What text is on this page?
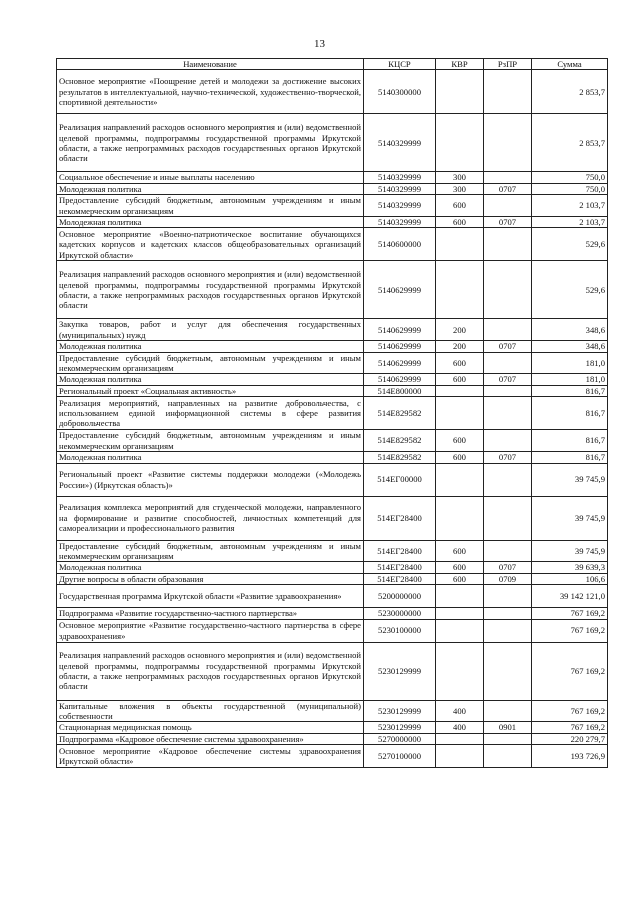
13
Наименование	КЦСР	КВР	РзПР	Сумма
Основное мероприятие «Поощрение детей и молодежи за достижение высоких результатов в интеллектуальной, научно-технической, художественно-творческой, спортивной деятельности»	5140300000			2 853,7
Реализация направлений расходов основного мероприятия и (или) ведомственной целевой программы, подпрограммы государственной программы Иркутской области, а также непрограммных расходов государственных органов Иркутской области	5140329999			2 853,7
Социальное обеспечение и иные выплаты населению	5140329999	300		750,0
Молодежная политика	5140329999	300	0707	750,0
Предоставление субсидий бюджетным, автономным учреждениям и иным некоммерческим организациям	5140329999	600		2 103,7
Молодежная политика	5140329999	600	0707	2 103,7
Основное мероприятие «Военно-патриотическое воспитание обучающихся кадетских корпусов и кадетских классов общеобразовательных организаций Иркутской области»	5140600000			529,6
Реализация направлений расходов основного мероприятия и (или) ведомственной целевой программы, подпрограммы государственной программы Иркутской области, а также непрограммных расходов государственных органов Иркутской области	5140629999			529,6
Закупка товаров, работ и услуг для обеспечения государственных (муниципальных) нужд	5140629999	200		348,6
Молодежная политика	5140629999	200	0707	348,6
Предоставление субсидий бюджетным, автономным учреждениям и иным некоммерческим организациям	5140629999	600		181,0
Молодежная политика	5140629999	600	0707	181,0
Региональный проект «Социальная активность»	514E800000			816,7
Реализация мероприятий, направленных на развитие добровольчества, с использованием единой информационной системы в сфере развития добровольчества	514E829582			816,7
Предоставление субсидий бюджетным, автономным учреждениям и иным некоммерческим организациям	514E829582	600		816,7
Молодежная политика	514E829582	600	0707	816,7
Региональный проект «Развитие системы поддержки молодежи («Молодежь России») (Иркутская область)»	514EГ00000			39 745,9
Реализация комплекса мероприятий для студенческой молодежи, направленного на формирование и развитие способностей, личностных компетенций для самореализации и профессионального развития	514EГ28400			39 745,9
Предоставление субсидий бюджетным, автономным учреждениям и иным некоммерческим организациям	514EГ28400	600		39 745,9
Молодежная политика	514EГ28400	600	0707	39 639,3
Другие вопросы в области образования	514EГ28400	600	0709	106,6
Государственная программа Иркутской области «Развитие здравоохранения»	5200000000			39 142 121,0
Подпрограмма «Развитие государственно-частного партнерства»	5230000000			767 169,2
Основное мероприятие «Развитие государственно-частного партнерства в сфере здравоохранения»	5230100000			767 169,2
Реализация направлений расходов основного мероприятия и (или) ведомственной целевой программы, подпрограммы государственной программы Иркутской области, а также непрограммных расходов государственных органов Иркутской области	5230129999			767 169,2
Капитальные вложения в объекты государственной (муниципальной) собственности	5230129999	400		767 169,2
Стационарная медицинская помощь	5230129999	400	0901	767 169,2
Подпрограмма «Кадровое обеспечение системы здравоохранения»	5270000000			220 279,7
Основное мероприятие «Кадровое обеспечение системы здравоохранения Иркутской области»	5270100000			193 726,9
